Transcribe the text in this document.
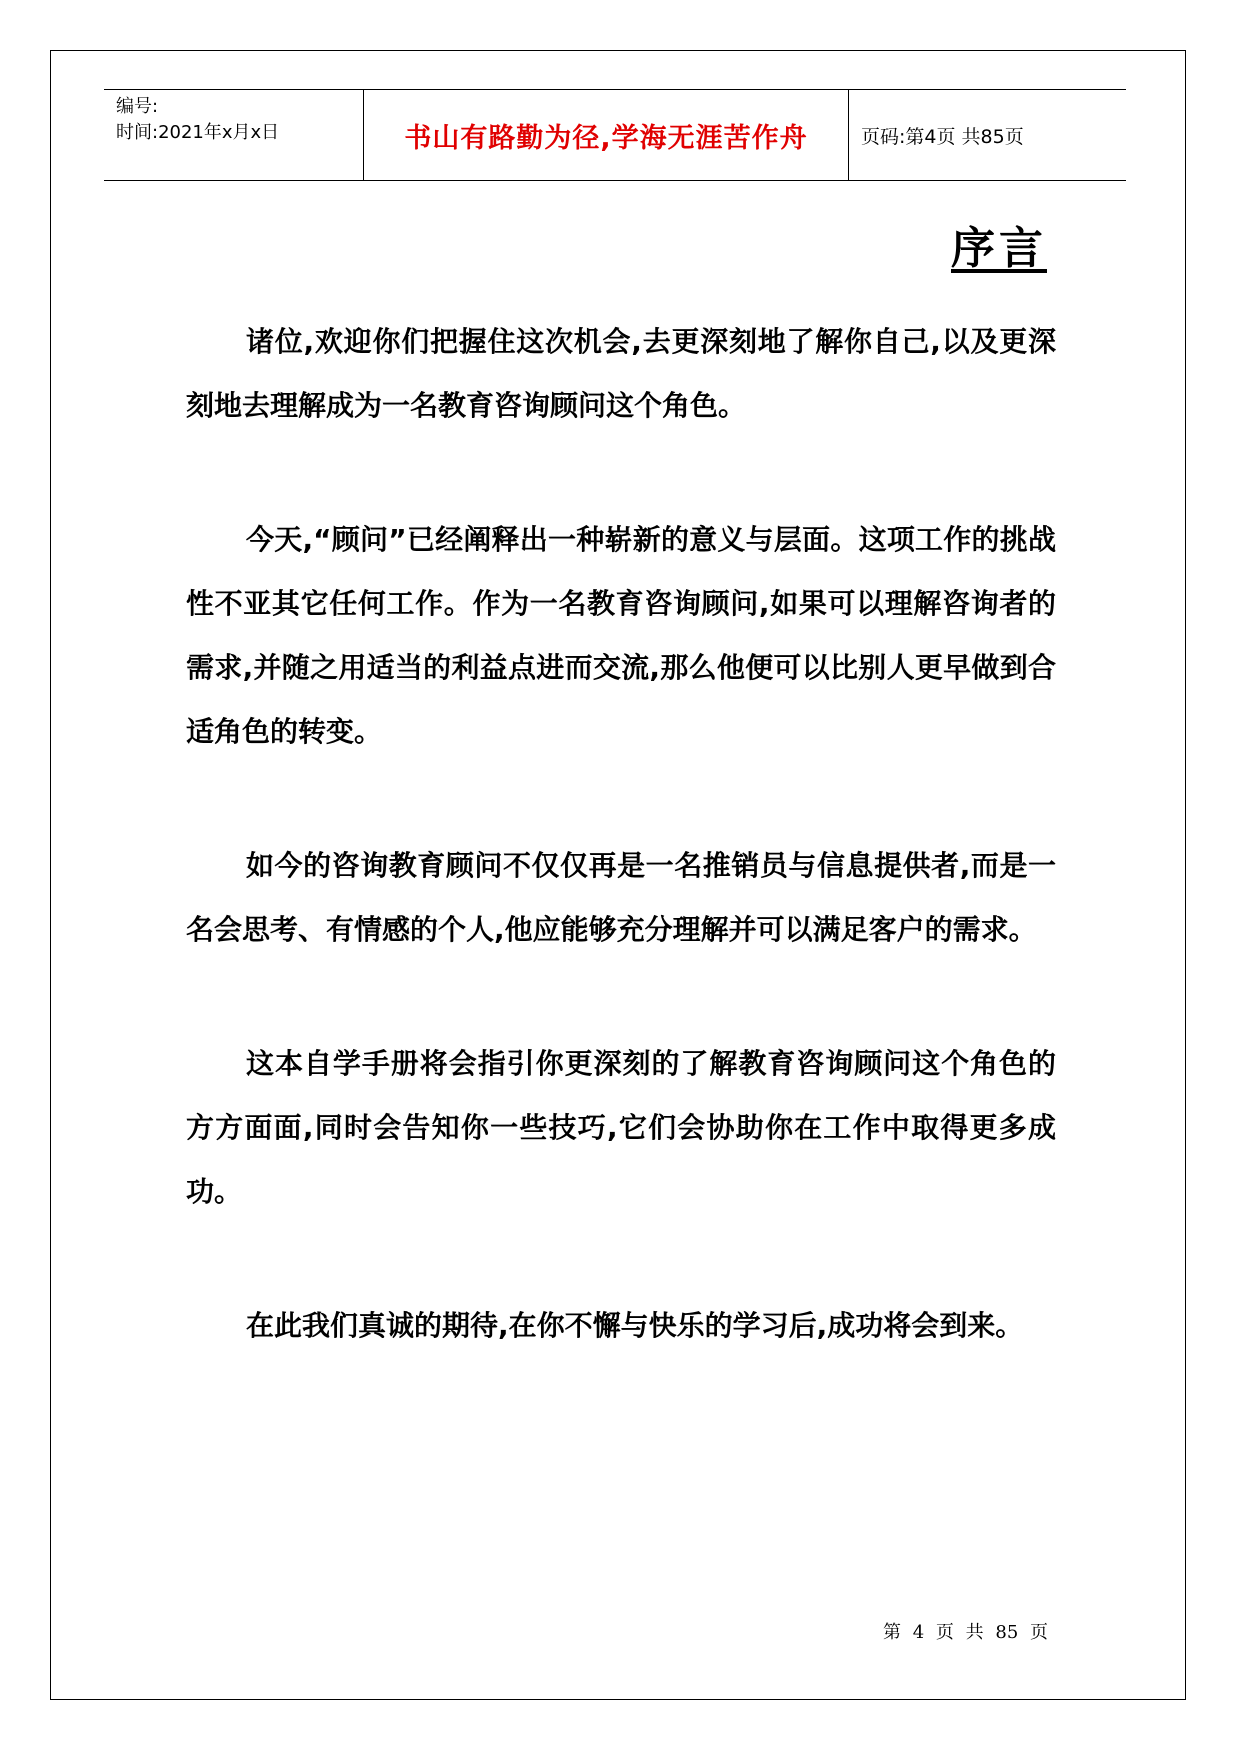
编号:
时间:2021年x月x日	书山有路勤为径,学海无涯苦作舟	页码:第4页 共85页
序言

诸位,欢迎你们把握住这次机会,去更深刻地了解你自己,以及更深刻地去理解成为一名教育咨询顾问这个角色。

今天,“顾问”已经阐释出一种崭新的意义与层面。这项工作的挑战性不亚其它任何工作。作为一名教育咨询顾问,如果可以理解咨询者的需求,并随之用适当的利益点进而交流,那么他便可以比别人更早做到合适角色的转变。

如今的咨询教育顾问不仅仅再是一名推销员与信息提供者,而是一名会思考、有情感的个人,他应能够充分理解并可以满足客户的需求。

这本自学手册将会指引你更深刻的了解教育咨询顾问这个角色的方方面面,同时会告知你一些技巧,它们会协助你在工作中取得更多成功。

在此我们真诚的期待,在你不懈与快乐的学习后,成功将会到来。

第 4 页 共 85 页
